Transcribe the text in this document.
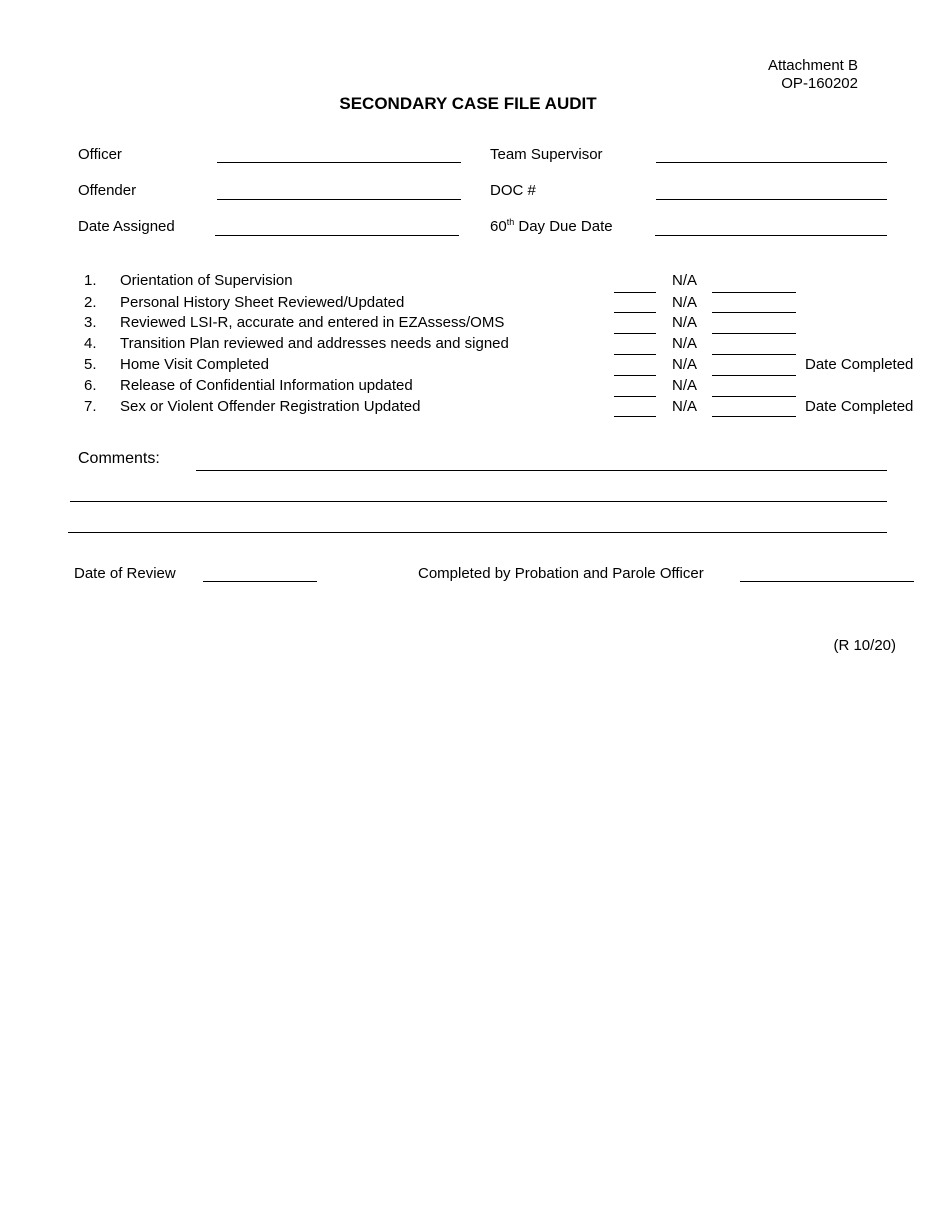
Attachment B
OP-160202
SECONDARY CASE FILE AUDIT
Officer	Team Supervisor
Offender	DOC #
Date Assigned	60th Day Due Date
1. Orientation of Supervision	N/A
2. Personal History Sheet Reviewed/Updated	N/A
3. Reviewed LSI-R, accurate and entered in EZAssess/OMS	N/A
4. Transition Plan reviewed and addresses needs and signed	N/A
5. Home Visit Completed	N/A	Date Completed
6. Release of Confidential Information updated	N/A
7. Sex or Violent Offender Registration Updated	N/A	Date Completed
Comments:
Date of Review	Completed by Probation and Parole Officer
(R 10/20)
